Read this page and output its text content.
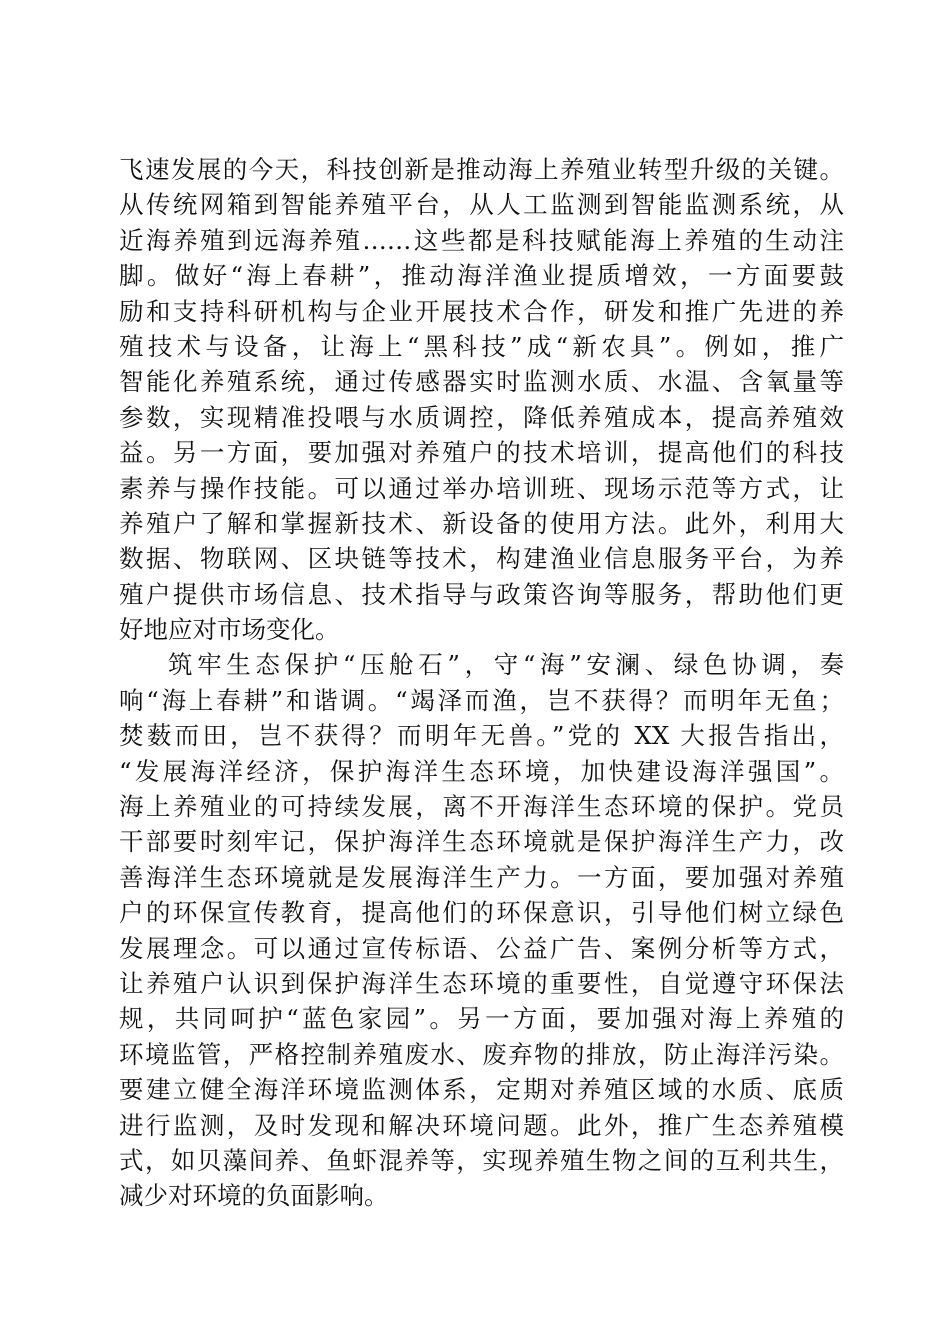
飞速发展的今天，科技创新是推动海上养殖业转型升级的关键。
从传统网箱到智能养殖平台，从人工监测到智能监测系统，从
近海养殖到远海养殖……这些都是科技赋能海上养殖的生动注
脚。做好“海上春耕”，推动海洋渔业提质增效，一方面要鼓
励和支持科研机构与企业开展技术合作，研发和推广先进的养
殖技术与设备，让海上“黑科技”成“新农具”。例如，推广
智能化养殖系统，通过传感器实时监测水质、水温、含氧量等
参数，实现精准投喂与水质调控，降低养殖成本，提高养殖效
益。另一方面，要加强对养殖户的技术培训，提高他们的科技
素养与操作技能。可以通过举办培训班、现场示范等方式，让
养殖户了解和掌握新技术、新设备的使用方法。此外，利用大
数据、物联网、区块链等技术，构建渔业信息服务平台，为养
殖户提供市场信息、技术指导与政策咨询等服务，帮助他们更
好地应对市场变化。
筑牢生态保护“压舱石”，守“海”安澜、绿色协调，奏
响“海上春耕”和谐调。“竭泽而渔，岂不获得？而明年无鱼；
焚薮而田，岂不获得？而明年无兽。”党的 XX 大报告指出，
“发展海洋经济，保护海洋生态环境，加快建设海洋强国”。
海上养殖业的可持续发展，离不开海洋生态环境的保护。党员
干部要时刻牢记，保护海洋生态环境就是保护海洋生产力，改
善海洋生态环境就是发展海洋生产力。一方面，要加强对养殖
户的环保宣传教育，提高他们的环保意识，引导他们树立绿色
发展理念。可以通过宣传标语、公益广告、案例分析等方式，
让养殖户认识到保护海洋生态环境的重要性，自觉遵守环保法
规，共同呵护“蓝色家园”。另一方面，要加强对海上养殖的
环境监管，严格控制养殖废水、废弃物的排放，防止海洋污染。
要建立健全海洋环境监测体系，定期对养殖区域的水质、底质
进行监测，及时发现和解决环境问题。此外，推广生态养殖模
式，如贝藻间养、鱼虾混养等，实现养殖生物之间的互利共生，
减少对环境的负面影响。
